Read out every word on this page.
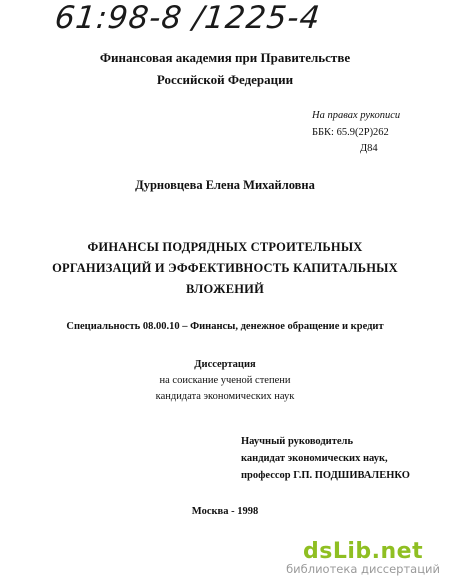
61:98-8 /1225-4
Финансовая академия при Правительстве
Российской Федерации
На правах рукописи
ББК: 65.9(2Р)262
Д84
Дурновцева Елена Михайловна
ФИНАНСЫ ПОДРЯДНЫХ СТРОИТЕЛЬНЫХ
ОРГАНИЗАЦИЙ И ЭФФЕКТИВНОСТЬ КАПИТАЛЬНЫХ
ВЛОЖЕНИЙ
Специальность 08.00.10 – Финансы, денежное обращение и кредит
Диссертация
на соискание ученой степени
кандидата экономических наук
Научный руководитель
кандидат экономических наук,
профессор Г.П. ПОДШИВАЛЕНКО
Москва - 1998
dsLib.net
библиотека диссертаций
